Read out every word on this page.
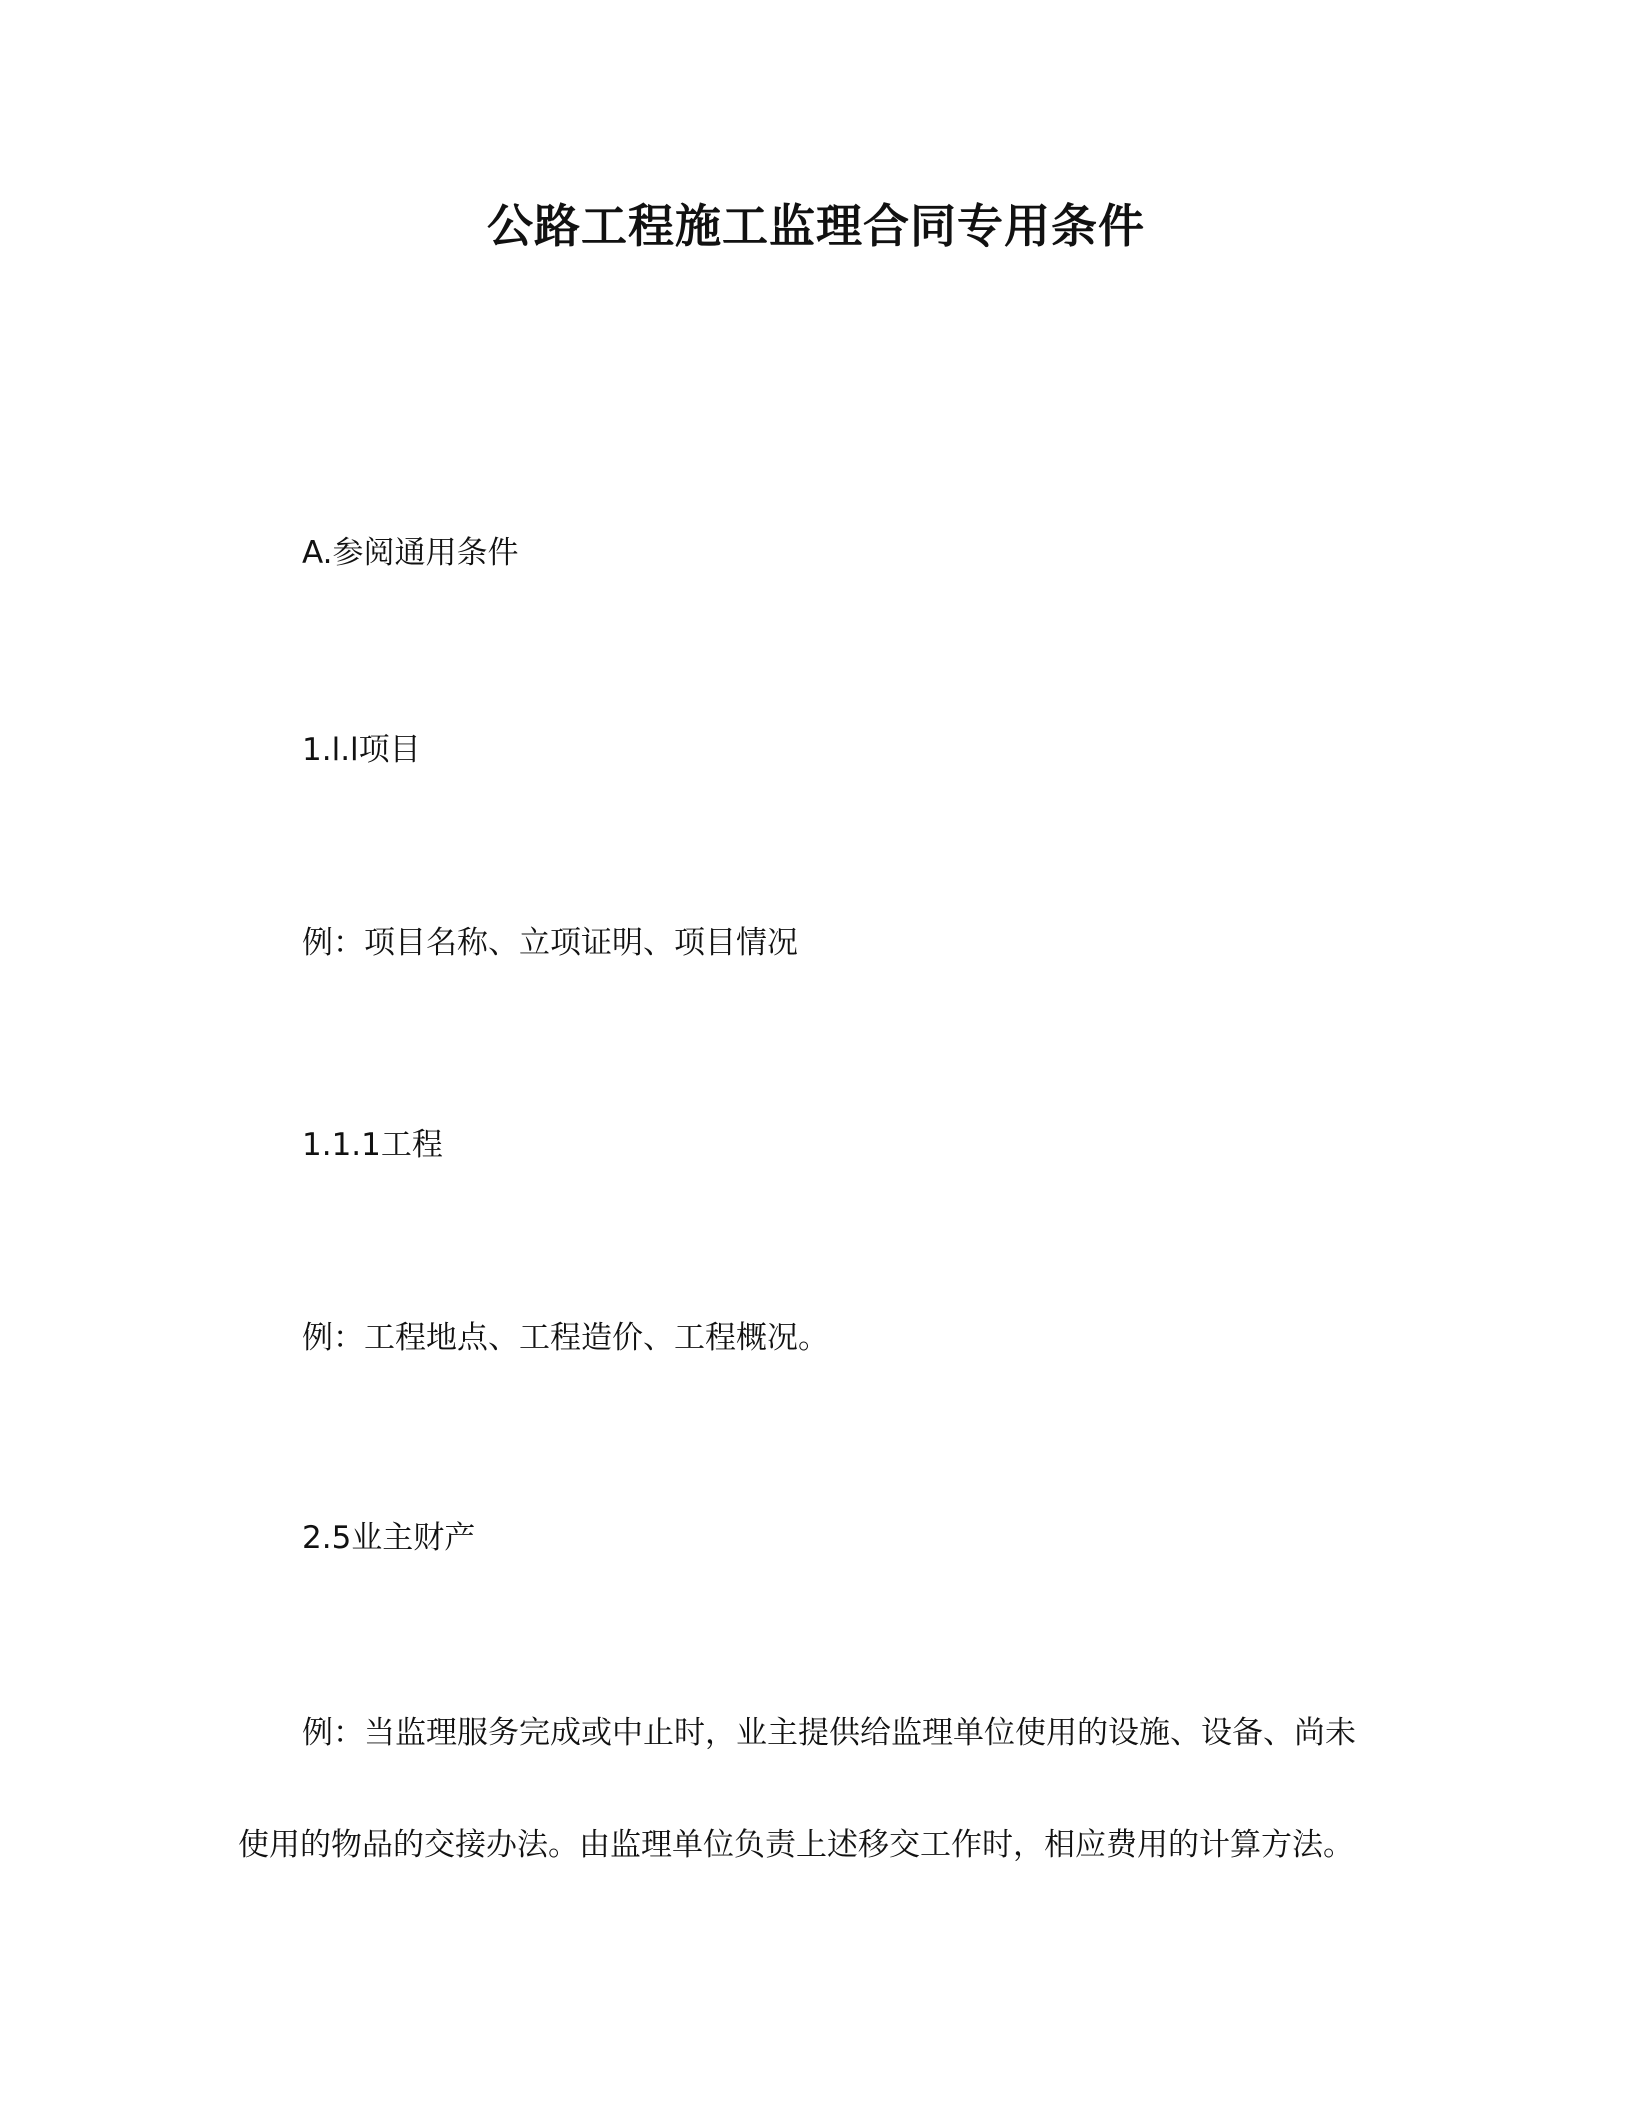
公路工程施工监理合同专用条件
A.参阅通用条件
1.l.l项目
例：项目名称、立项证明、项目情况
1.1.1工程
例：工程地点、工程造价、工程概况。
2.5业主财产
例：当监理服务完成或中止时，业主提供给监理单位使用的设施、设备、尚未
使用的物品的交接办法。由监理单位负责上述移交工作时，相应费用的计算方法。
